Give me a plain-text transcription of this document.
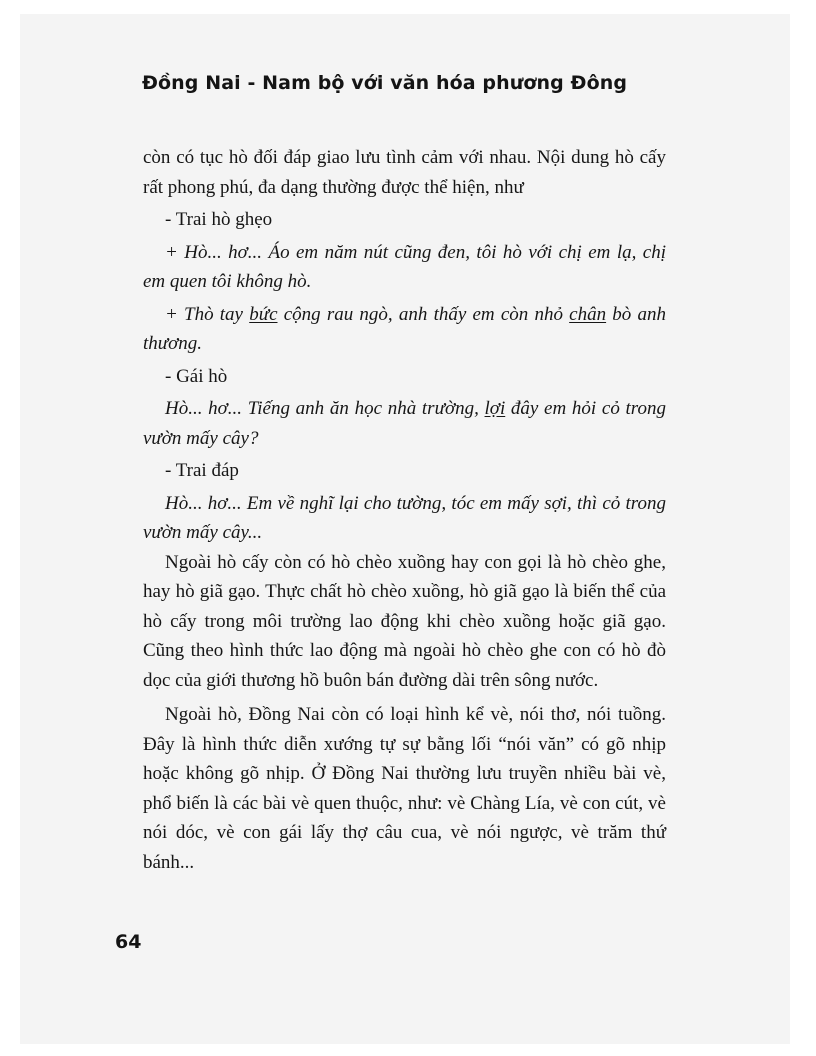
Đồng Nai - Nam bộ với văn hóa phương Đông

còn có tục hò đối đáp giao lưu tình cảm với nhau. Nội dung hò cấy rất phong phú, đa dạng thường được thể hiện, như

- Trai hò ghẹo

+ Hò... hơ... Áo em năm nút cũng đen, tôi hò với chị em lạ, chị em quen tôi không hò.

+ Thò tay bức cộng rau ngò, anh thấy em còn nhỏ chân bò anh thương.

- Gái hò

Hò... hơ... Tiếng anh ăn học nhà trường, lợi đây em hỏi cỏ trong vườn mấy cây?

- Trai đáp

Hò... hơ... Em về nghĩ lại cho tường, tóc em mấy sợi, thì cỏ trong vườn mấy cây...

Ngoài hò cấy còn có hò chèo xuồng hay con gọi là hò chèo ghe, hay hò giã gạo. Thực chất hò chèo xuồng, hò giã gạo là biến thể của hò cấy trong môi trường lao động khi chèo xuồng hoặc giã gạo. Cũng theo hình thức lao động mà ngoài hò chèo ghe con có hò đò dọc của giới thương hồ buôn bán đường dài trên sông nước.

Ngoài hò, Đồng Nai còn có loại hình kể vè, nói thơ, nói tuồng. Đây là hình thức diễn xướng tự sự bằng lối “nói văn” có gõ nhịp hoặc không gõ nhịp. Ở Đồng Nai thường lưu truyền nhiều bài vè, phổ biến là các bài vè quen thuộc, như: vè Chàng Lía, vè con cút, vè nói dóc, vè con gái lấy thợ câu cua, vè nói ngược, vè trăm thứ bánh...

64
